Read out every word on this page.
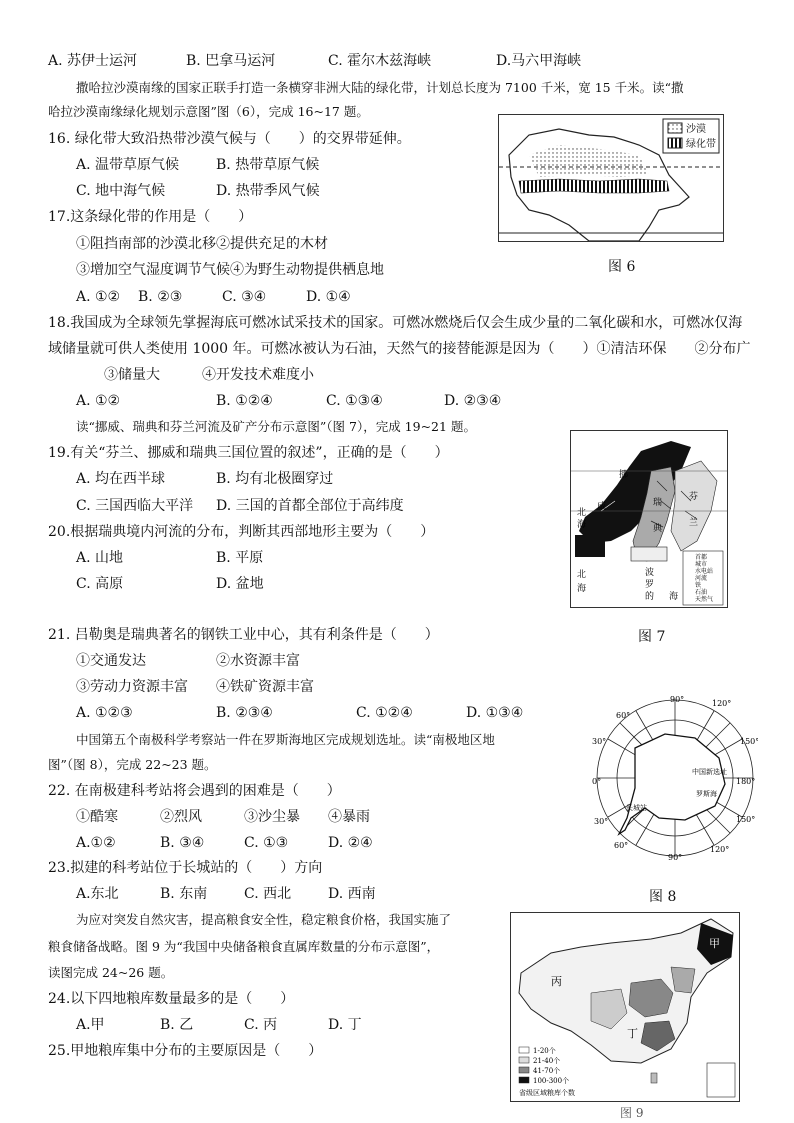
A. 苏伊士运河	B. 巴拿马运河	C. 霍尔木兹海峡	D.马六甲海峡
撒哈拉沙漠南缘的国家正联手打造一条横穿非洲大陆的绿化带，计划总长度为 7100 千米，宽 15 千米。读“撒
哈拉沙漠南缘绿化规划示意图”图（6），完成 16~17 题。
16. 绿化带大致沿热带沙漠气候与（　　）的交界带延伸。
A. 温带草原气候	B. 热带草原气候
C. 地中海气候	D. 热带季风气候
17.这条绿化带的作用是（　　）
①阻挡南部的沙漠北移②提供充足的木材
③增加空气湿度调节气候④为野生动物提供栖息地
A. ①② B. ②③	C. ③④	D. ①④
沙漠
绿化带
图 6
18.我国成为全球领先掌握海底可燃冰试采技术的国家。可燃冰燃烧后仅会生成少量的二氧化碳和水，可燃冰仅海
域储量就可供人类使用 1000 年。可燃冰被认为石油，天然气的接替能源是因为（　　）①清洁环保　　②分布广
　　③储量大　　　④开发技术难度小
A. ①②	B. ①②④	C. ①③④	D. ②③④
读“挪威、瑞典和芬兰河流及矿产分布示意图”（图 7），完成 19~21 题。
19.有关“芬兰、挪威和瑞典三国位置的叙述”，正确的是（　　）
A. 均在西半球	B. 均有北极圈穿过
C. 三国西临大平洋 D. 三国的首都全部位于高纬度
20.根据瑞典境内河流的分布，判断其西部地形主要为（　　）
A. 山地	B. 平原
C. 高原	D. 盆地
挪
威
北
海
瑞
典
芬
兰
北
海
波
罗
的 海
首都
城市
水电站
河流
铁
石油
天然气
图 7
21. 吕勒奥是瑞典著名的钢铁工业中心，其有利条件是（　　）
①交通发达	②水资源丰富
③劳动力资源丰富 ④铁矿资源丰富
A. ①②③	B. ②③④	C. ①②④	D. ①③④
中国第五个南极科学考察站一件在罗斯海地区完成规划选址。读“南极地区地
图”（图 8），完成 22~23 题。
22. 在南极建科考站将会遇到的困难是（　　）
①酷寒	②烈风	③沙尘暴 ④暴雨
A.①②	B. ③④	C. ①③	D. ②④
23.拟建的科考站位于长城站的（　　）方向
A.东北	B. 东南	C. 西北	D. 西南
90°	120°
60°
150°
30°
0°	180°
30°	150°
60°	120°
90°
长城站
中国新选址
罗斯海
图 8
为应对突发自然灾害，提高粮食安全性，稳定粮食价格，我国实施了
粮食储备战略。图 9 为“我国中央储备粮食直属库数量的分布示意图”，
读图完成 24~26 题。
24.以下四地粮库数量最多的是（　　）
A.甲	B. 乙	C. 丙	D. 丁
25.甲地粮库集中分布的主要原因是（　　）
甲
丙
丁
1-20个
21-40个
41-70个
100-300个
省级区域粮库个数
图 9
